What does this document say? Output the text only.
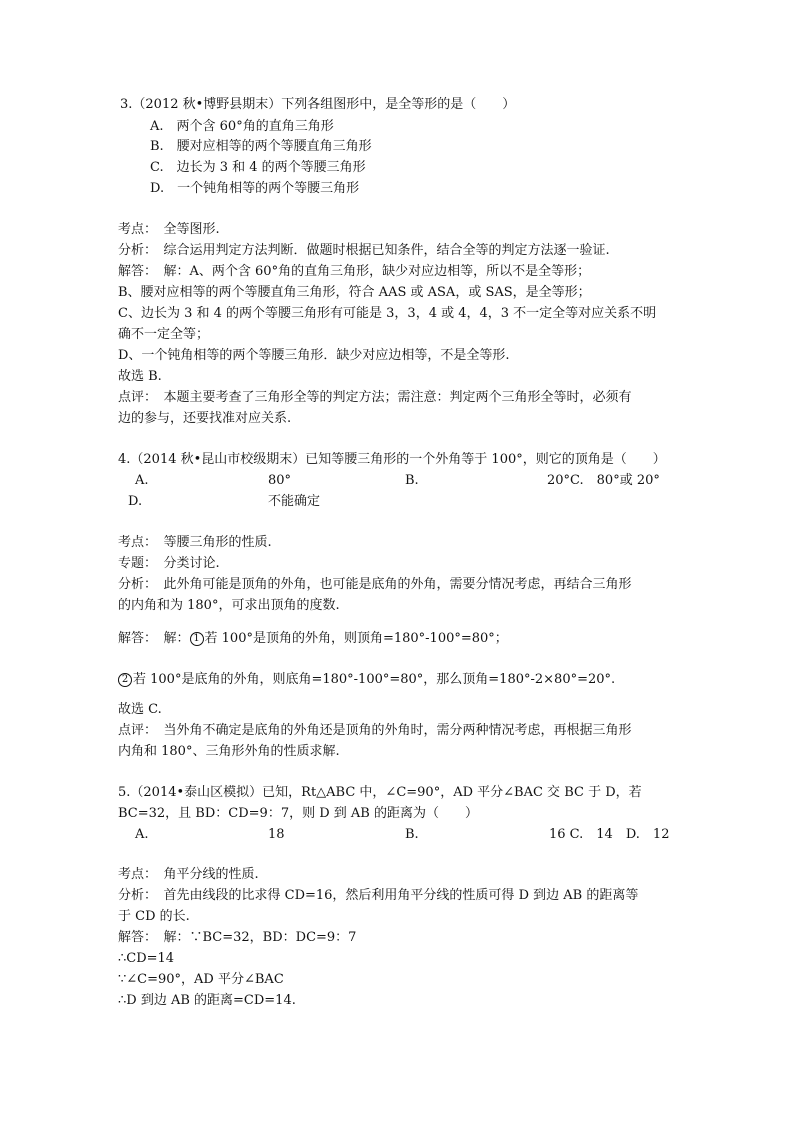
3.（2012 秋•博野县期末）下列各组图形中，是全等形的是（　　）
A.　两个含 60°角的直角三角形
B.　腰对应相等的两个等腰直角三角形
C.　边长为 3 和 4 的两个等腰三角形
D.　一个钝角相等的两个等腰三角形
考点：　全等图形.
分析：　综合运用判定方法判断．做题时根据已知条件，结合全等的判定方法逐一验证.
解答：　解：A、两个含 60°角的直角三角形，缺少对应边相等，所以不是全等形；
B、腰对应相等的两个等腰直角三角形，符合 AAS 或 ASA，或 SAS，是全等形；
C、边长为 3 和 4 的两个等腰三角形有可能是 3，3，4 或 4，4，3 不一定全等对应关系不明
确不一定全等；
D、一个钝角相等的两个等腰三角形．缺少对应边相等，不是全等形.
故选 B.
点评：　本题主要考查了三角形全等的判定方法；需注意：判定两个三角形全等时，必须有
边的参与，还要找准对应关系.
4.（2014 秋•昆山市校级期末）已知等腰三角形的一个外角等于 100°，则它的顶角是（　　）
A.	80°	B.	20°C.　80°或 20°
D.	不能确定
考点：　等腰三角形的性质.
专题：　分类讨论.
分析：　此外角可能是顶角的外角，也可能是底角的外角，需要分情况考虑，再结合三角形
的内角和为 180°，可求出顶角的度数.
解答：　解： 1 若 100°是顶角的外角，则顶角=180°-100°=80°；
2 若 100°是底角的外角，则底角=180°-100°=80°，那么顶角=180°-2×80°=20°.
故选 C.
点评：　当外角不确定是底角的外角还是顶角的外角时，需分两种情况考虑，再根据三角形
内角和 180°、三角形外角的性质求解.
5.（2014•泰山区模拟）已知，Rt△ABC 中，∠C=90°，AD 平分∠BAC 交 BC 于 D，若
BC=32，且 BD：CD=9：7，则 D 到 AB 的距离为（　　）
A.	18	B.	16 C.　14　D.　12
考点：　角平分线的性质.
分析：　首先由线段的比求得 CD=16，然后利用角平分线的性质可得 D 到边 AB 的距离等
于 CD 的长.
解答：　解：∵BC=32，BD：DC=9：7
∴CD=14
∵∠C=90°，AD 平分∠BAC
∴D 到边 AB 的距离=CD=14.
